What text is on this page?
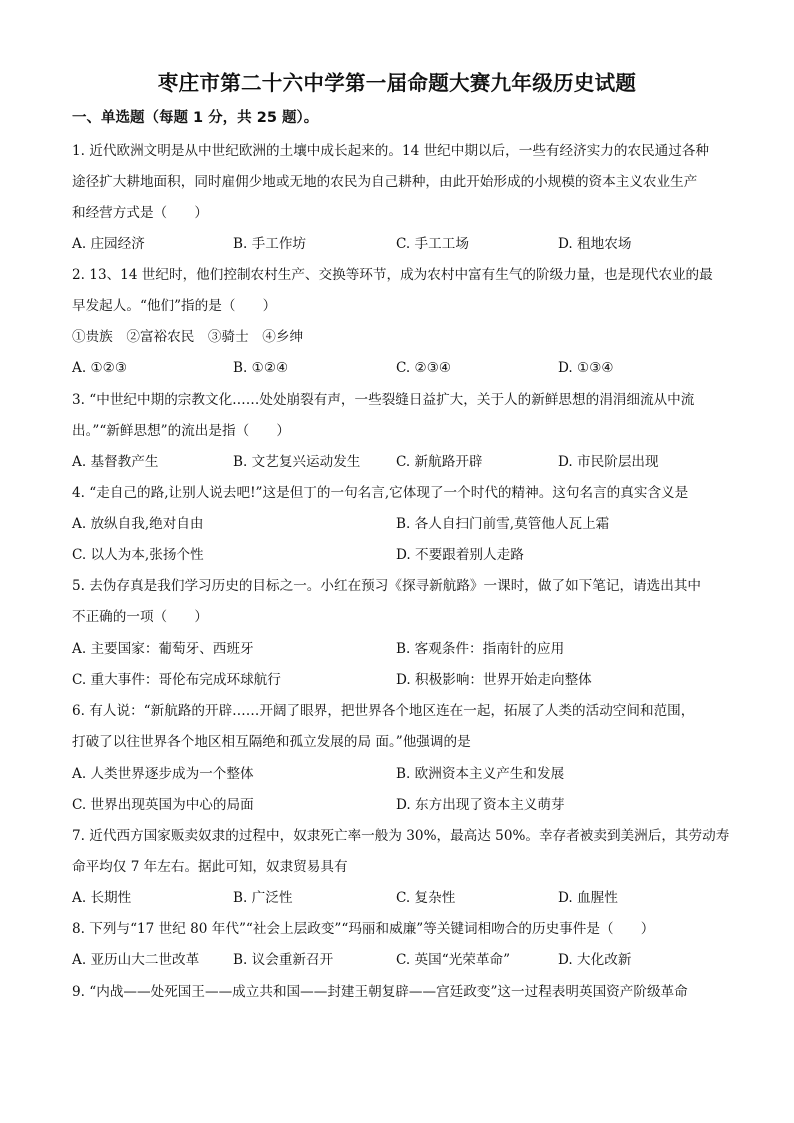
枣庄市第二十六中学第一届命题大赛九年级历史试题
一、单选题（每题 1 分，共 25 题）。
1. 近代欧洲文明是从中世纪欧洲的土壤中成长起来的。14 世纪中期以后，一些有经济实力的农民通过各种
途径扩大耕地面积，同时雇佣少地或无地的农民为自己耕种，由此开始形成的小规模的资本主义农业生产
和经营方式是（　　）
A. 庄园经济	B. 手工作坊	C. 手工工场	D. 租地农场
2. 13、14 世纪时，他们控制农村生产、交换等环节，成为农村中富有生气的阶级力量，也是现代农业的最
早发起人。“他们”指的是（　　）
①贵族　②富裕农民　③骑士　④乡绅
A. ①②③	B. ①②④	C. ②③④	D. ①③④
3. “中世纪中期的宗教文化……处处崩裂有声，一些裂缝日益扩大，关于人的新鲜思想的涓涓细流从中流
出。”“新鲜思想”的流出是指（　　）
A. 基督教产生	B. 文艺复兴运动发生	C. 新航路开辟	D. 市民阶层出现
4. “走自己的路,让别人说去吧!”这是但丁的一句名言,它体现了一个时代的精神。这句名言的真实含义是
A. 放纵自我,绝对自由	B. 各人自扫门前雪,莫管他人瓦上霜
C. 以人为本,张扬个性	D. 不要跟着别人走路
5. 去伪存真是我们学习历史的目标之一。小红在预习《探寻新航路》一课时，做了如下笔记，请选出其中
不正确的一项（　　）
A. 主要国家：葡萄牙、西班牙	B. 客观条件：指南针的应用
C. 重大事件：哥伦布完成环球航行	D. 积极影响：世界开始走向整体
6. 有人说：“新航路的开辟……开阔了眼界，把世界各个地区连在一起，拓展了人类的活动空间和范围，
打破了以往世界各个地区相互隔绝和孤立发展的局 面。”他强调的是
A. 人类世界逐步成为一个整体	B. 欧洲资本主义产生和发展
C. 世界出现英国为中心的局面	D. 东方出现了资本主义萌芽
7. 近代西方国家贩卖奴隶的过程中，奴隶死亡率一般为 30%，最高达 50%。幸存者被卖到美洲后，其劳动寿
命平均仅 7 年左右。据此可知，奴隶贸易具有
A. 长期性	B. 广泛性	C. 复杂性	D. 血腥性
8. 下列与“17 世纪 80 年代”“社会上层政变”“玛丽和威廉”等关键词相吻合的历史事件是（　　）
A. 亚历山大二世改革 B. 议会重新召开	C. 英国“光荣革命”	D. 大化改新
9. “内战——处死国王——成立共和国——封建王朝复辟——宫廷政变”这一过程表明英国资产阶级革命
